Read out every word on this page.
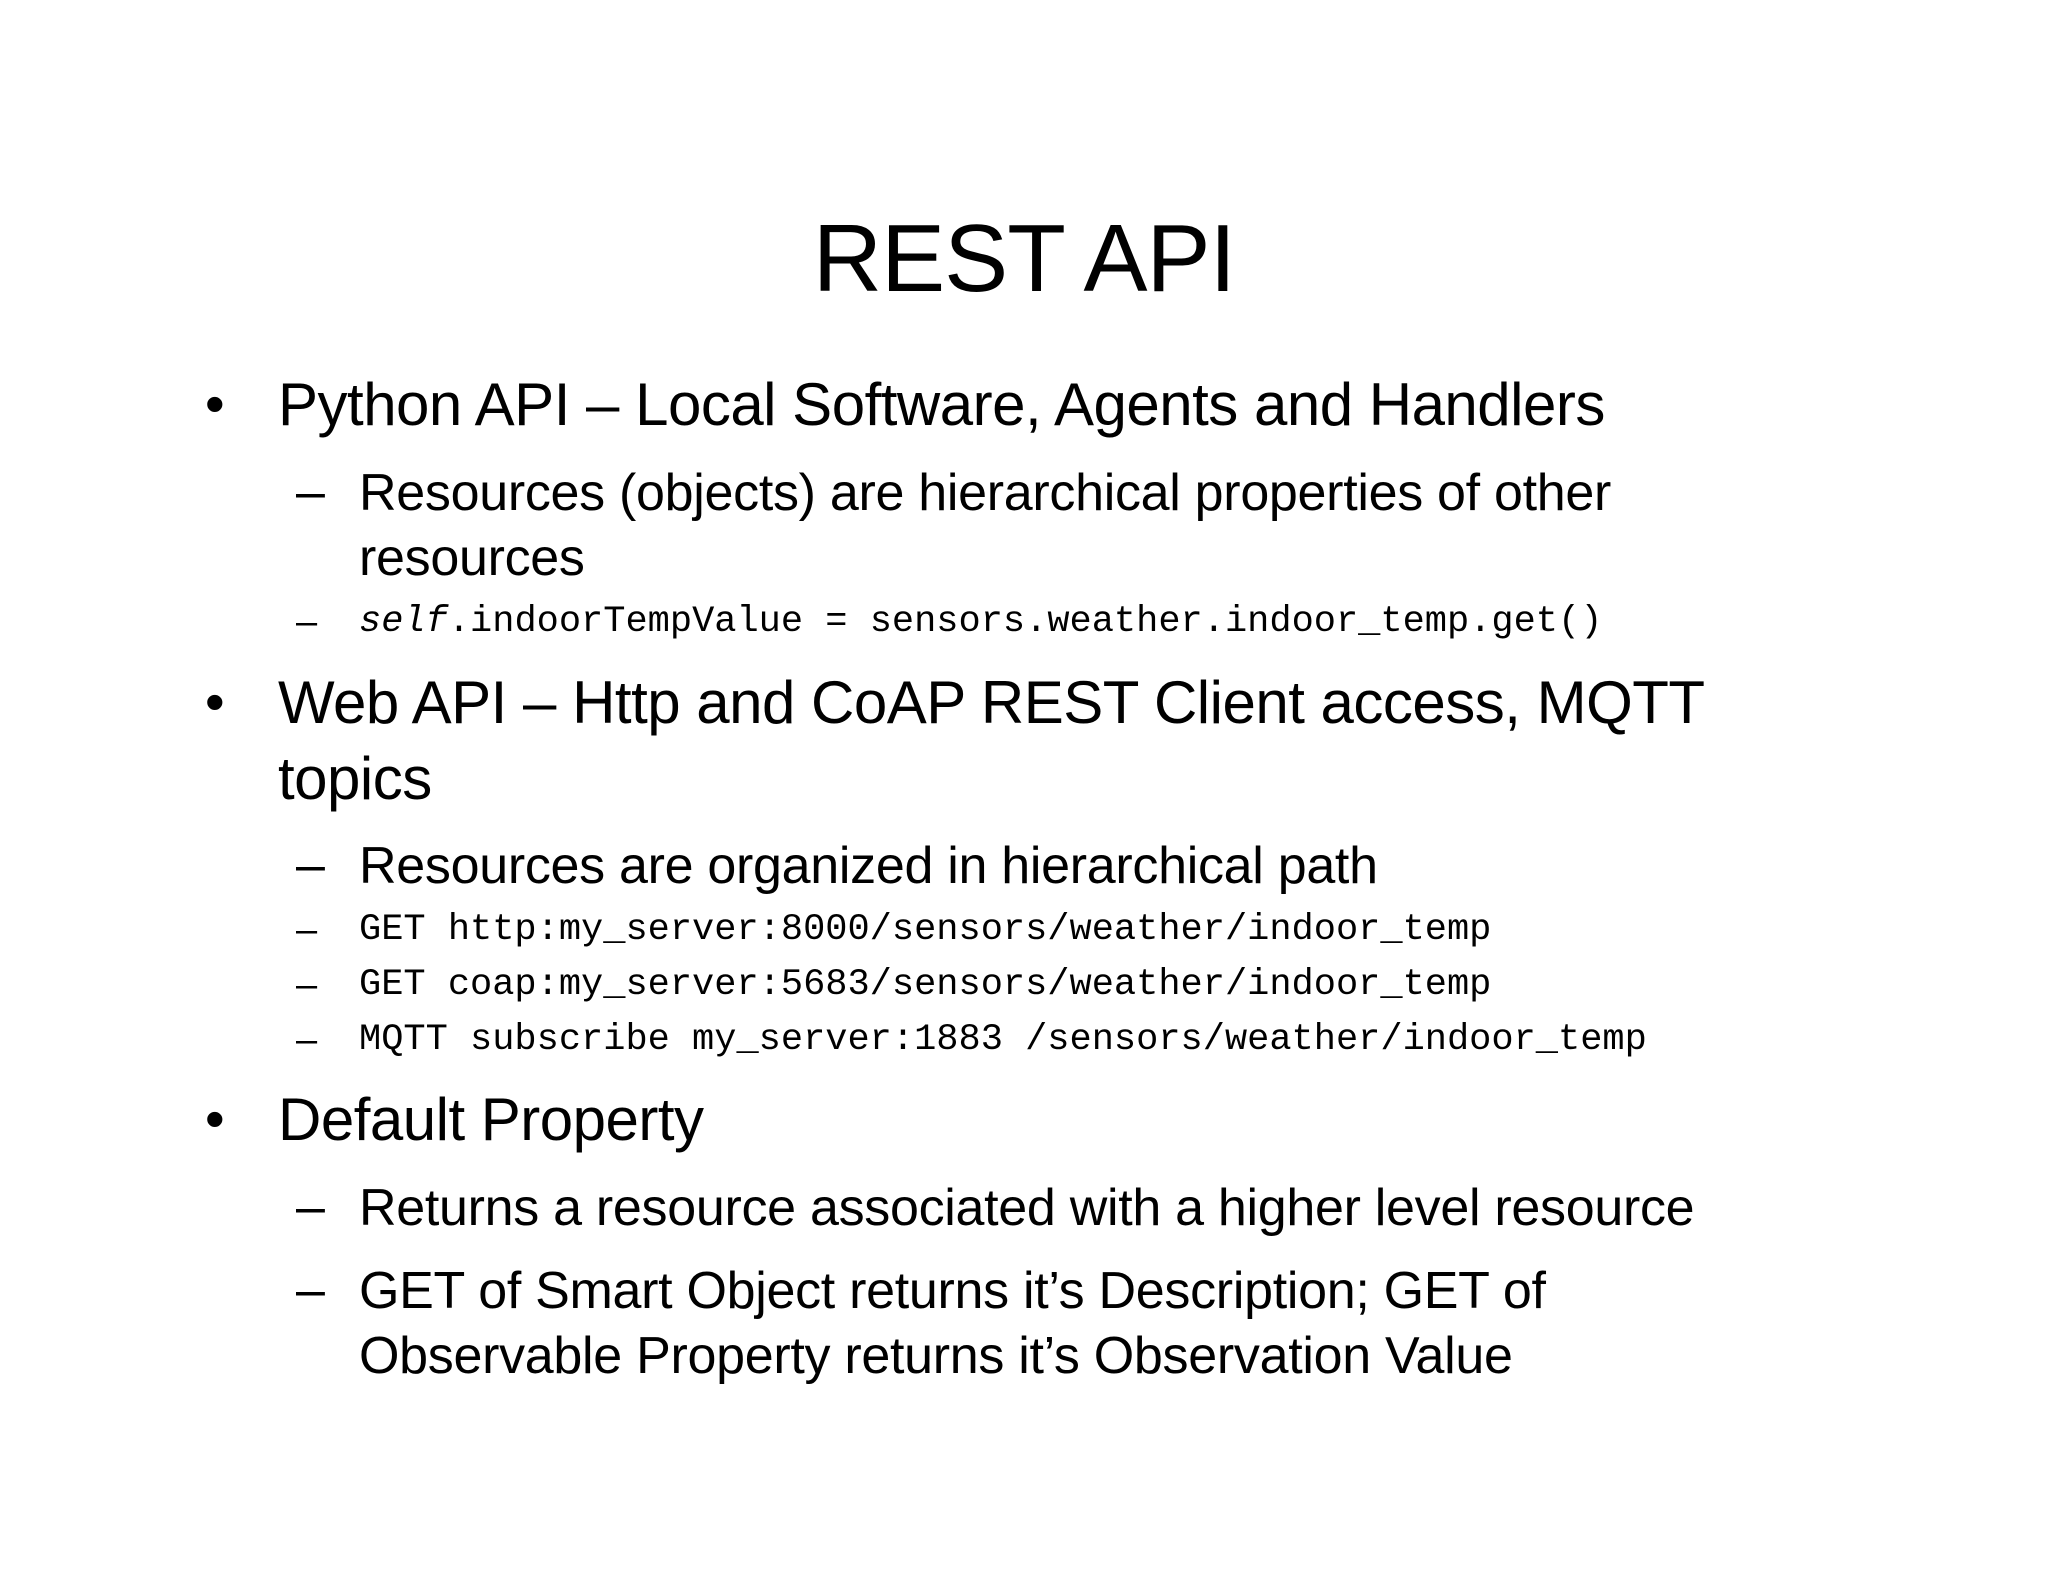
REST API
• Python API – Local Software, Agents and Handlers
– Resources (objects) are hierarchical properties of other
resources
– self.indoorTempValue = sensors.weather.indoor_temp.get()
• Web API – Http and CoAP REST Client access, MQTT
topics
– Resources are organized in hierarchical path
– GET http:my_server:8000/sensors/weather/indoor_temp
– GET coap:my_server:5683/sensors/weather/indoor_temp
– MQTT subscribe my_server:1883 /sensors/weather/indoor_temp
• Default Property
– Returns a resource associated with a higher level resource
– GET of Smart Object returns it’s Description; GET of
Observable Property returns it’s Observation Value
